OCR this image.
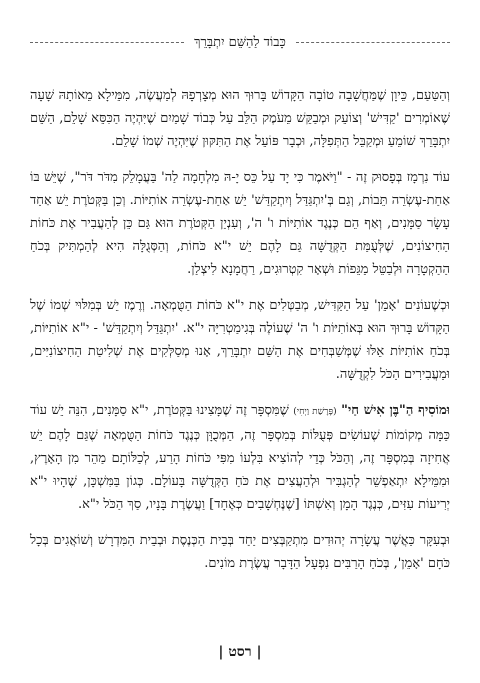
כָּבוֹד לַהַשֵּׁם יִתְבָּרֵךְ

וְהַטַּעַם, כֵּיוָן שֶׁמַּחֲשָׁבָה טוֹבָה הַקָּדוֹשׁ בָּרוּךְ הוּא מְצָרְפָהּ לְמַעֲשֶׂה, מִמֵּילָא מֵאוֹתָהּ שָׁעָה שֶׁאוֹמְרִים 'קַדִּישׁ' וְצוֹעֵק וּמְבַקֵּשׁ מֵעֹמֶק הַלֵּב עַל כְּבוֹד שָׁמַיִם שֶׁיִּהְיֶה הַכִּסֵּא שָׁלֵם, הַשֵּׁם יִתְבָּרֵךְ שׁוֹמֵעַ וּמְקַבֵּל הַתְּפִלָּה, וּכְבָר פּוֹעֵל אֶת הַתִּקּוּן שֶׁיִּהְיֶה שְׁמוֹ שָׁלֵם.

עוֹד נִרְמָז בְּפָסוּק זֶה - "וַיֹּאמֶר כִּי יָד עַל כֵּס יָ-הּ מִלְחָמָה לַה' בַּעֲמָלֵק מִדֹּר דֹּר", שֶׁיֵּשׁ בּוֹ אַחַת-עֶשְׂרֵה תֵּבוֹת, וְגַם בְּ'יִתְגַּדַּל וְיִתְקַדַּשׁ' יֵשׁ אַחַת-עֶשְׂרֵה אוֹתִיּוֹת. וְכֵן בַּקְּטֹרֶת יֵשׁ אַחַד עָשָׂר סַמָּנִים, וְאַף הֵם כְּנֶגֶד אוֹתִיּוֹת ו' ה', וְעִנְיַן הַקְּטֹרֶת הוּא גַּם כֵּן לְהַעֲבִיר אֶת כֹּחוֹת הַחִיצוֹנִים, שֶׁלְּעֻמַּת הַקְּדֻשָּׁה גַּם לָהֶם יֵשׁ י"א כֹּחוֹת, וְהַסְּגֻלָּה הִיא לְהַמְתִּיק בְּכֹחַ הַהַקְטָרָה וּלְבַטֵּל מַגֵּפוֹת וּשְׁאָר קִטְרוּגִים, רַחֲמָנָא לִיצְלַן.

וּכְשֶׁעוֹנִים 'אָמֵן' עַל הַקַּדִּישׁ, מְבַטְּלִים אֶת י"א כֹּחוֹת הַטֻּמְאָה. וְרֶמֶז יֵשׁ בְּמִלּוּי שְׁמוֹ שֶׁל הַקָּדוֹשׁ בָּרוּךְ הוּא בְּאוֹתִיּוֹת ו' ה' שֶׁעוֹלֶה בְּגִימַטְרִיָּה י"א. 'יִתְגַּדַּל וְיִתְקַדַּשׁ' - י"א אוֹתִיּוֹת, בְּכֹחַ אוֹתִיּוֹת אֵלּוּ שֶׁמְּשַׁבְּחִים אֶת הַשֵּׁם יִתְבָּרֵךְ, אָנוּ מְסַלְּקִים אֶת שְׁלִיטַת הַחִיצוֹנִיִּים, וּמַעֲבִירִים הַכֹּל לִקְדֻשָּׁה.

וּמוֹסִיף הַ"בֶּן אִישׁ חַי" (פָּרָשַׁת וַיְחִי) שֶׁמִּסְפָּר זֶה שֶׁמָּצִינוּ בַּקְּטֹרֶת, י"א סַמָּנִים, הִנֵּה יֵשׁ עוֹד כַּמָּה מְקוֹמוֹת שֶׁעוֹשִׂים פְּעֻלּוֹת בְּמִסְפָּר זֶה, הַמְּכֻוָּן כְּנֶגֶד כֹּחוֹת הַטֻּמְאָה שֶׁגַּם לָהֶם יֵשׁ אֲחִיזָה בְּמִסְפָּר זֶה, וְהַכֹּל כְּדֵי לְהוֹצִיא בִּלְעוֹ מִפִּי כֹּחוֹת הָרַע, לְכַלּוֹתָם מַהֵר מִן הָאָרֶץ, וּמִמֵּילָא יִתְאַפְשֵׁר לְהַגְבִּיר וּלְהַעֲצִים אֶת כֹּחַ הַקְּדֻשָּׁה בָּעוֹלָם. כְּגוֹן בַּמִּשְׁכָּן, שֶׁהָיוּ י"א יְרִיעוֹת עִזִּים, כְּנֶגֶד הָמָן וְאִשְׁתּוֹ [שֶׁנֶּחְשָׁבִים כְּאֶחָד] וַעֲשֶׂרֶת בָּנָיו, סַךְ הַכֹּל י"א.

וּבְעִקָּר כַּאֲשֶׁר עֲשָׂרָה יְהוּדִים מִתְקַבְּצִים יַחַד בְּבֵית הַכְּנֶסֶת וּבְבֵית הַמִּדְרָשׁ וְשׁוֹאֲגִים בְּכָל כֹּחָם 'אָמֵן', בְּכֹחַ הָרַבִּים נִפְעָל הַדָּבָר עֲשֶׂרֶת מוֹנִים.

| רסט |
